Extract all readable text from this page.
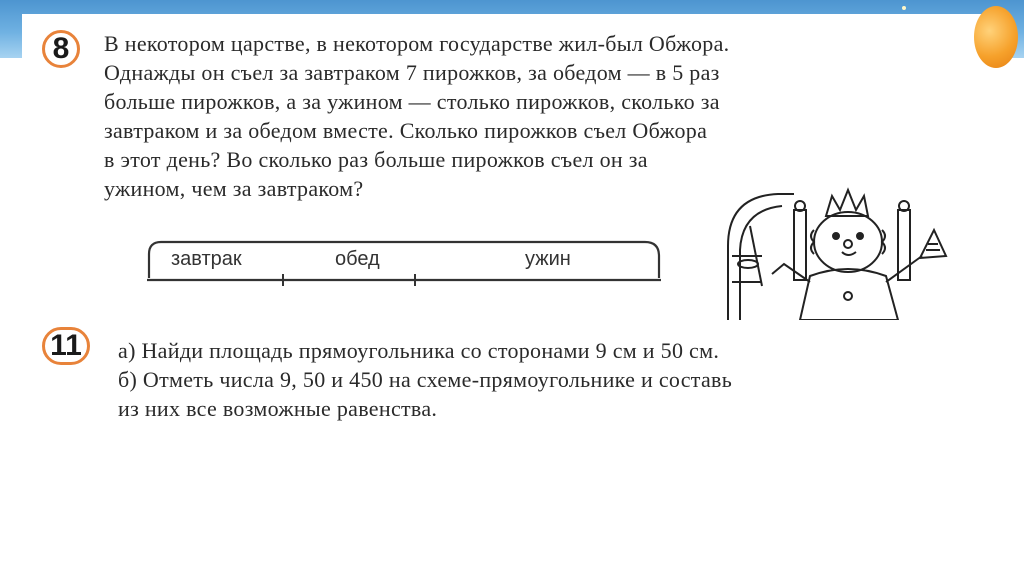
8 В некотором царстве, в некотором государстве жил-был Обжора.
Однажды он съел за завтраком 7 пирожков, за обедом — в 5 раз
больше пирожков, а за ужином — столько пирожков, сколько за
завтраком и за обедом вместе. Сколько пирожков съел Обжора
в этот день? Во сколько раз больше пирожков съел он за
ужином, чем за завтраком?
завтрак	обед	ужин
11 а) Найди площадь прямоугольника со сторонами 9 см и 50 см.
б) Отметь числа 9, 50 и 450 на схеме-прямоугольнике и составь
из них все возможные равенства.
